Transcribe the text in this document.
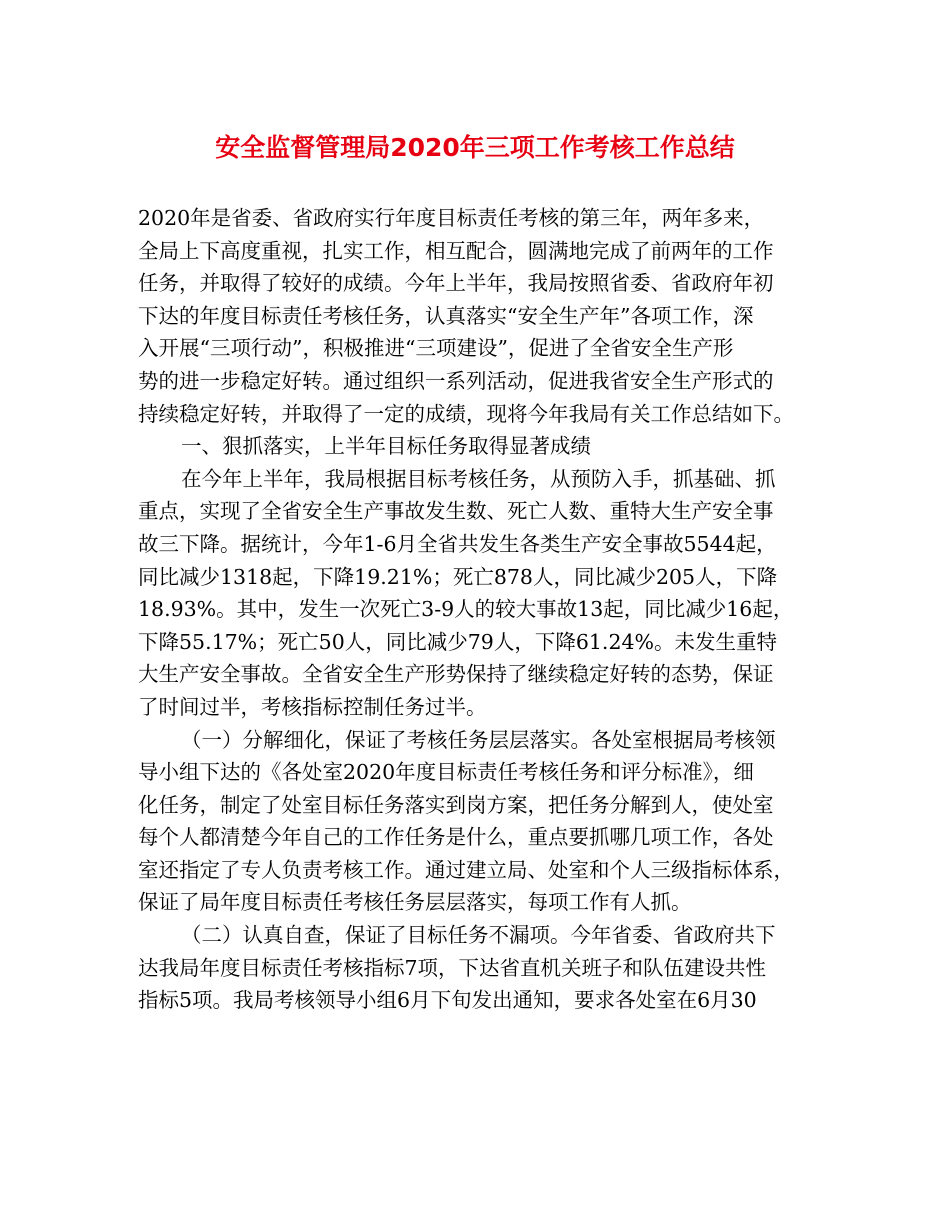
安全监督管理局2020年三项工作考核工作总结
2020年是省委、省政府实行年度目标责任考核的第三年，两年多来，
全局上下高度重视，扎实工作，相互配合，圆满地完成了前两年的工作
任务，并取得了较好的成绩。今年上半年，我局按照省委、省政府年初
下达的年度目标责任考核任务，认真落实“安全生产年”各项工作，深
入开展“三项行动”，积极推进“三项建设”，促进了全省安全生产形
势的进一步稳定好转。通过组织一系列活动，促进我省安全生产形式的
持续稳定好转，并取得了一定的成绩，现将今年我局有关工作总结如下。
一、狠抓落实，上半年目标任务取得显著成绩
在今年上半年，我局根据目标考核任务，从预防入手，抓基础、抓
重点，实现了全省安全生产事故发生数、死亡人数、重特大生产安全事
故三下降。据统计，今年1-6月全省共发生各类生产安全事故5544起，
同比减少1318起，下降19.21%；死亡878人，同比减少205人，下降
18.93%。其中，发生一次死亡3-9人的较大事故13起，同比减少16起，
下降55.17%；死亡50人，同比减少79人，下降61.24%。未发生重特
大生产安全事故。全省安全生产形势保持了继续稳定好转的态势，保证
了时间过半，考核指标控制任务过半。
（一）分解细化，保证了考核任务层层落实。各处室根据局考核领
导小组下达的《各处室2020年度目标责任考核任务和评分标准》，细
化任务，制定了处室目标任务落实到岗方案，把任务分解到人，使处室
每个人都清楚今年自己的工作任务是什么，重点要抓哪几项工作，各处
室还指定了专人负责考核工作。通过建立局、处室和个人三级指标体系，
保证了局年度目标责任考核任务层层落实，每项工作有人抓。
（二）认真自查，保证了目标任务不漏项。今年省委、省政府共下
达我局年度目标责任考核指标7项，下达省直机关班子和队伍建设共性
指标5项。我局考核领导小组6月下旬发出通知，要求各处室在6月30
